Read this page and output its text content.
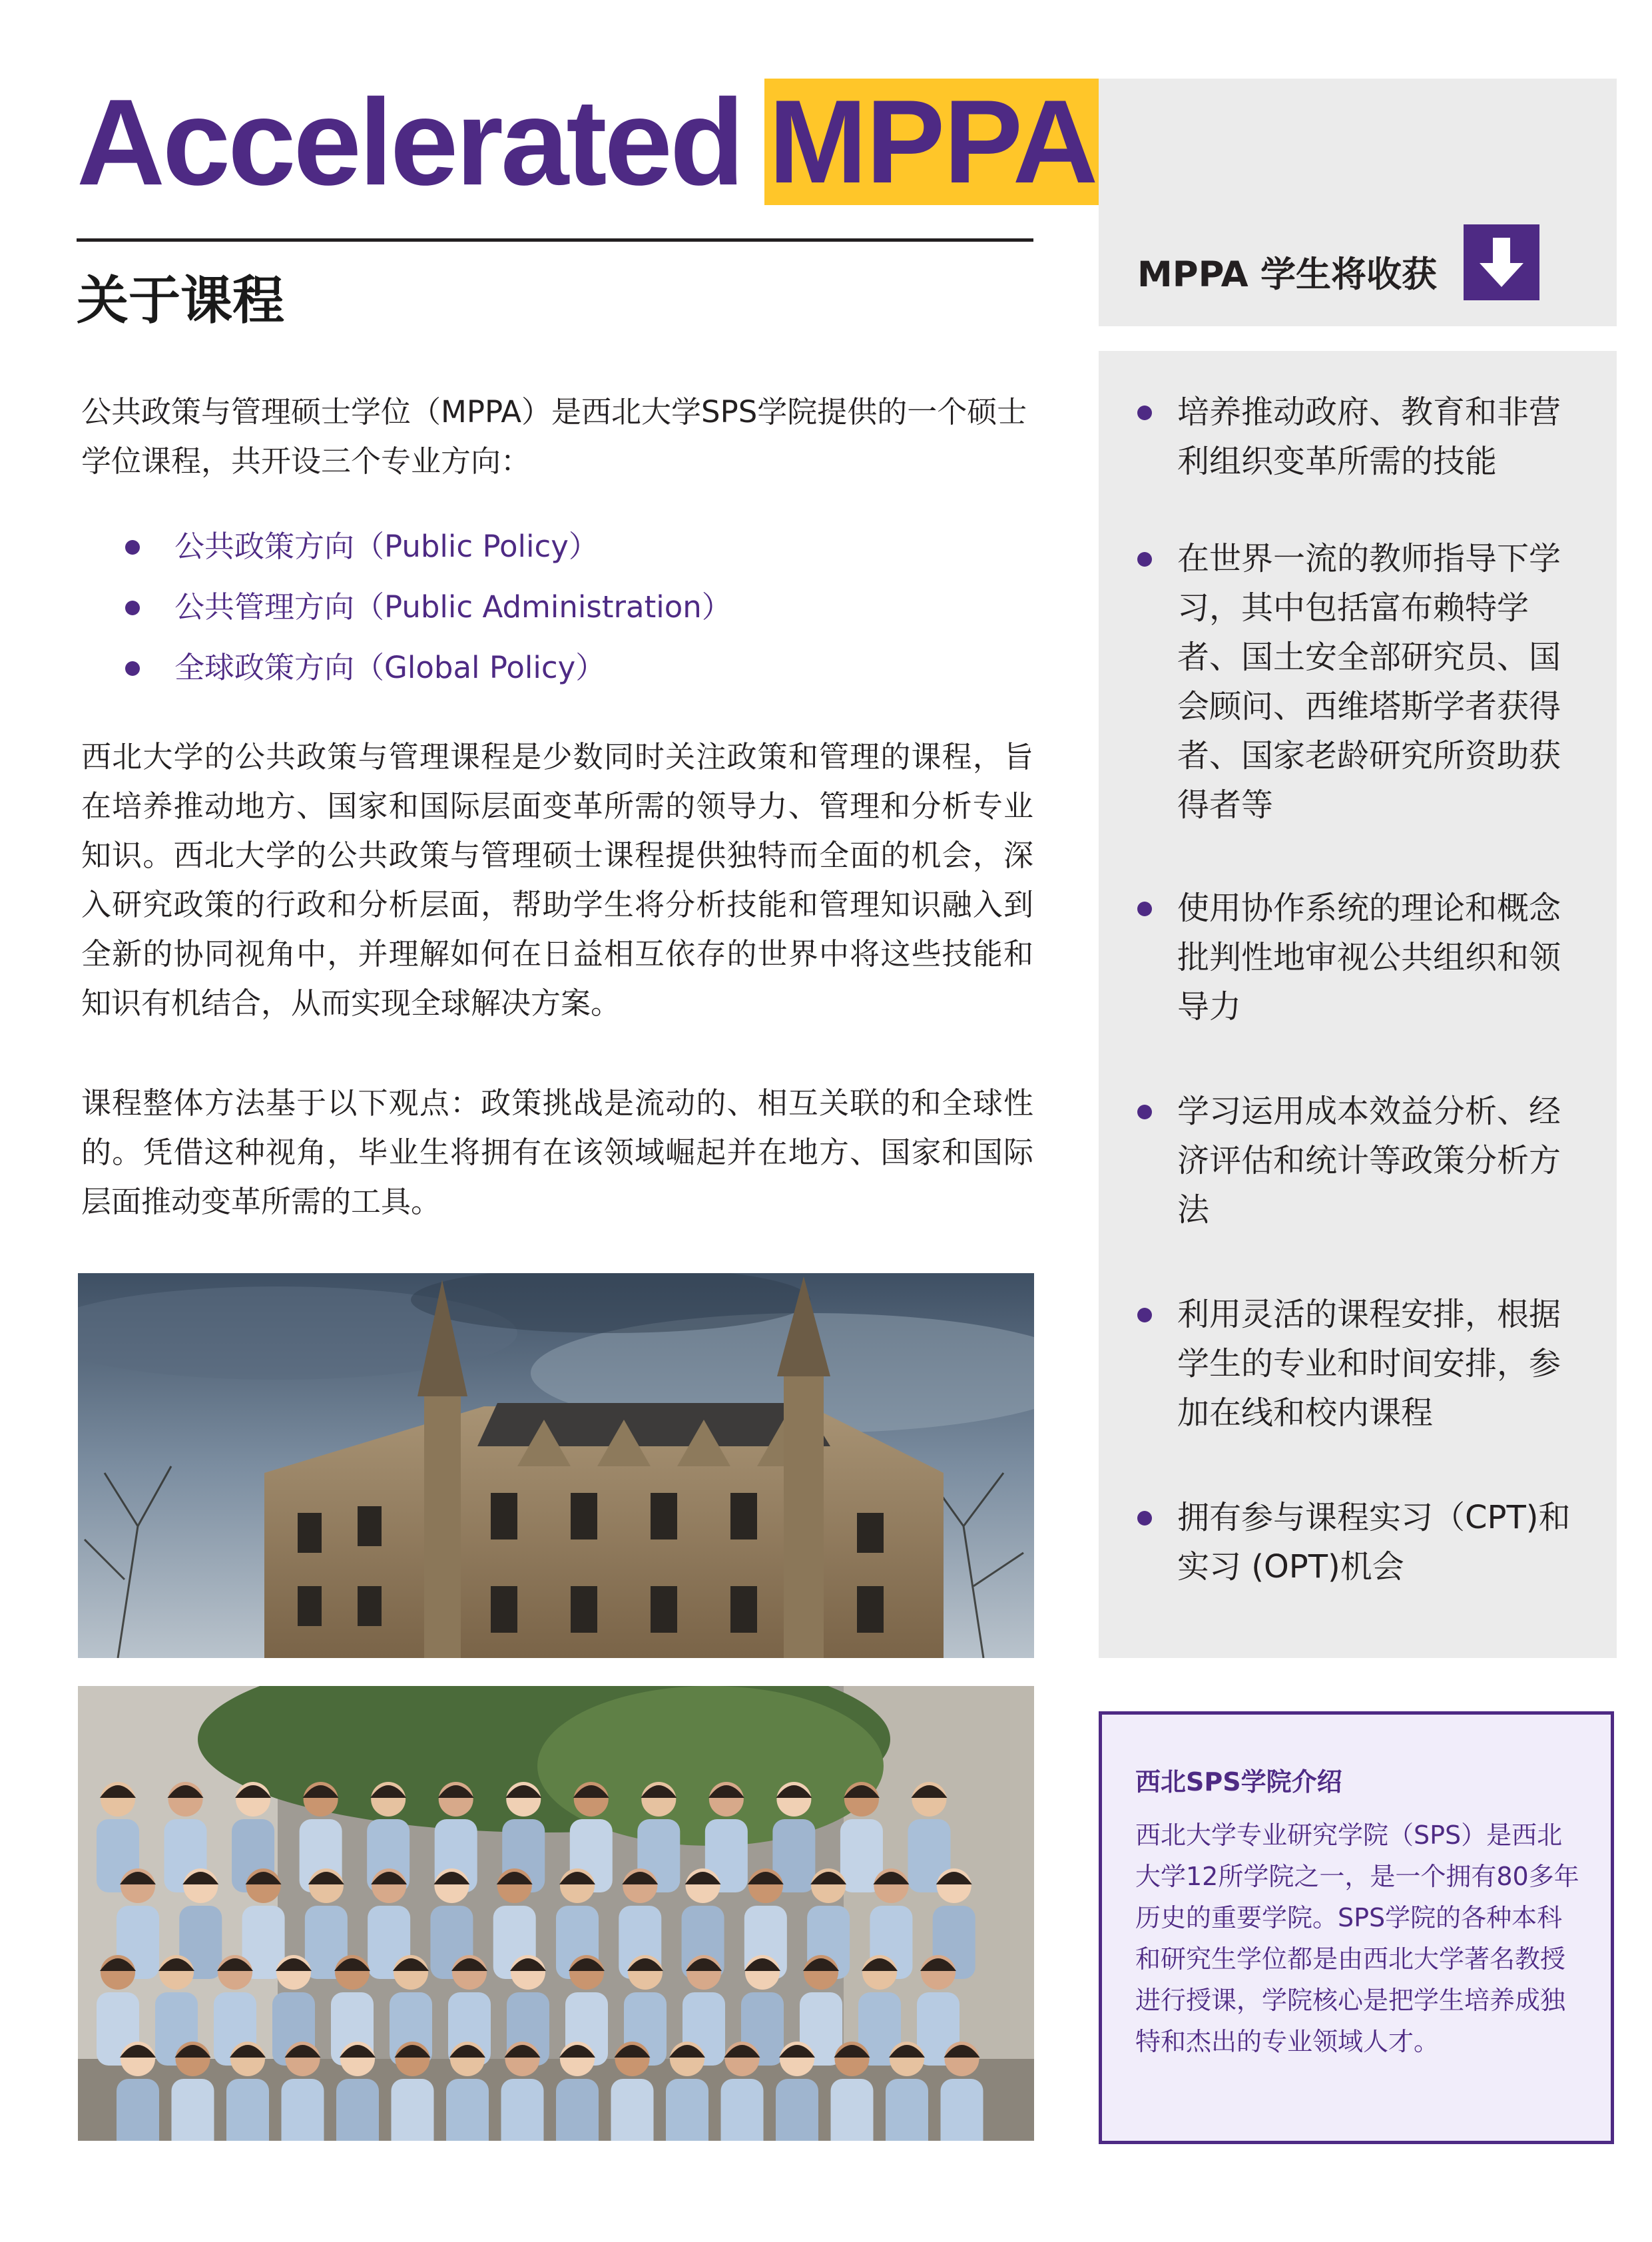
Accelerated MPPA
关于课程
公共政策与管理硕士学位（MPPA）是西北大学SPS学院提供的一个硕士学位课程，共开设三个专业方向：
公共政策方向（Public Policy）
公共管理方向（Public Administration）
全球政策方向（Global Policy）
西北大学的公共政策与管理课程是少数同时关注政策和管理的课程，旨在培养推动地方、国家和国际层面变革所需的领导力、管理和分析专业知识。西北大学的公共政策与管理硕士课程提供独特而全面的机会，深入研究政策的行政和分析层面，帮助学生将分析技能和管理知识融入到全新的协同视角中，并理解如何在日益相互依存的世界中将这些技能和知识有机结合，从而实现全球解决方案。
课程整体方法基于以下观点：政策挑战是流动的、相互关联的和全球性的。凭借这种视角，毕业生将拥有在该领域崛起并在地方、国家和国际层面推动变革所需的工具。
MPPA 学生将收获
培养推动政府、教育和非营利组织变革所需的技能
在世界一流的教师指导下学习，其中包括富布赖特学者、国土安全部研究员、国会顾问、西维塔斯学者获得者、国家老龄研究所资助获得者等
使用协作系统的理论和概念批判性地审视公共组织和领导力
学习运用成本效益分析、经济评估和统计等政策分析方法
利用灵活的课程安排，根据学生的专业和时间安排，参加在线和校内课程
拥有参与课程实习（CPT)和实习 (OPT)机会
西北SPS学院介绍
西北大学专业研究学院（SPS）是西北大学12所学院之一，是一个拥有80多年历史的重要学院。SPS学院的各种本科和研究生学位都是由西北大学著名教授进行授课，学院核心是把学生培养成独特和杰出的专业领域人才。
